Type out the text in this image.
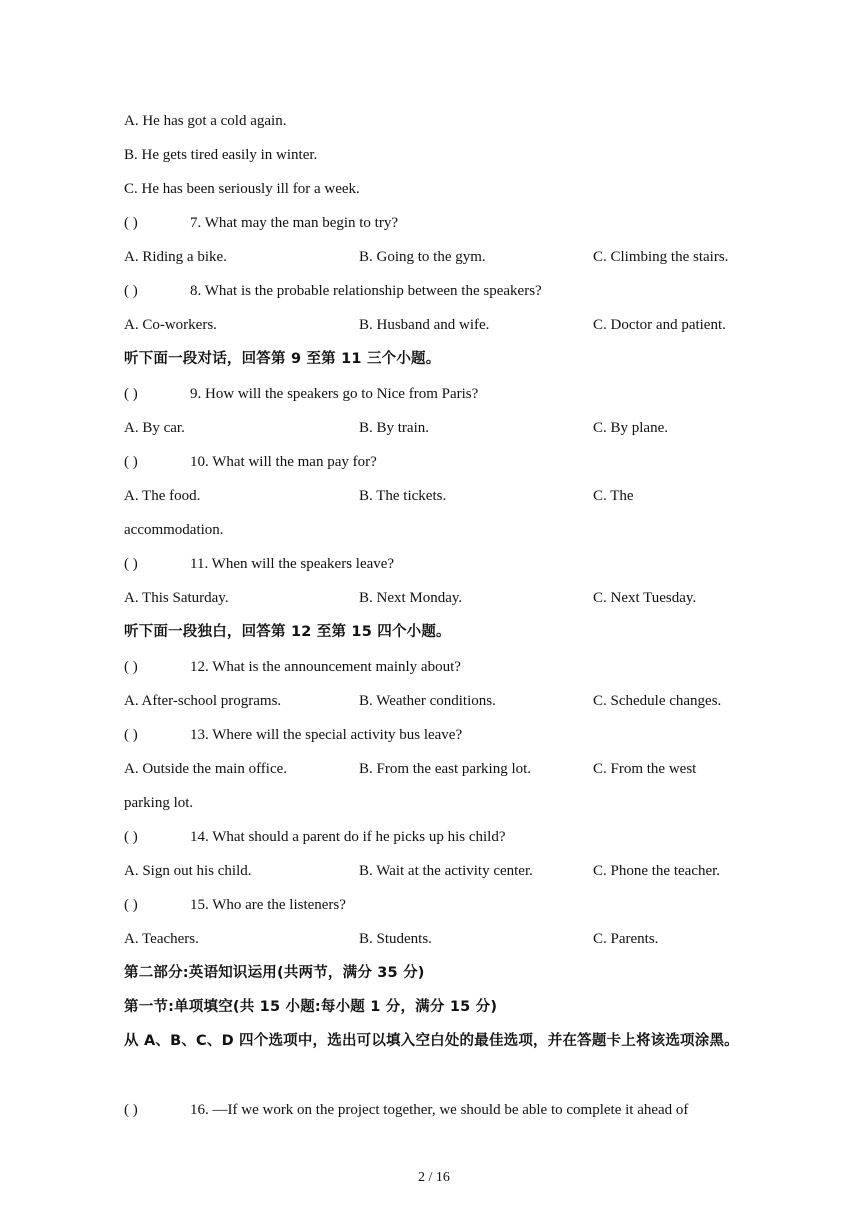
A. He has got a cold again.
B. He gets tired easily in winter.
C. He has been seriously ill for a week.
( )	7. What may the man begin to try?
A. Riding a bike.	B. Going to the gym.	C. Climbing the stairs.
( )	8. What is the probable relationship between the speakers?
A. Co-workers.	B. Husband and wife.	C. Doctor and patient.
听下面一段对话，回答第 9 至第 11 三个小题。
( )	9. How will the speakers go to Nice from Paris?
A. By car.	B. By train.	C. By plane.
( )	10. What will the man pay for?
A. The food.	B. The tickets.	C. The
accommodation.
( )	11. When will the speakers leave?
A. This Saturday.	B. Next Monday.	C. Next Tuesday.
听下面一段独白，回答第 12 至第 15 四个小题。
( )	12. What is the announcement mainly about?
A. After-school programs.	B. Weather conditions.	C. Schedule changes.
( )	13. Where will the special activity bus leave?
A. Outside the main office.	B. From the east parking lot.	C. From the west
parking lot.
( )	14. What should a parent do if he picks up his child?
A. Sign out his child.	B. Wait at the activity center.	C. Phone the teacher.
( )	15. Who are the listeners?
A. Teachers.	B. Students.	C. Parents.
第二部分:英语知识运用(共两节，满分 35 分)
第一节:单项填空(共 15 小题:每小题 1 分，满分 15 分)
从 A、B、C、D 四个选项中，选出可以填入空白处的最佳选项，并在答题卡上将该选项涂黑。
( )	16. —If we work on the project together, we should be able to complete it ahead of
2 / 16
